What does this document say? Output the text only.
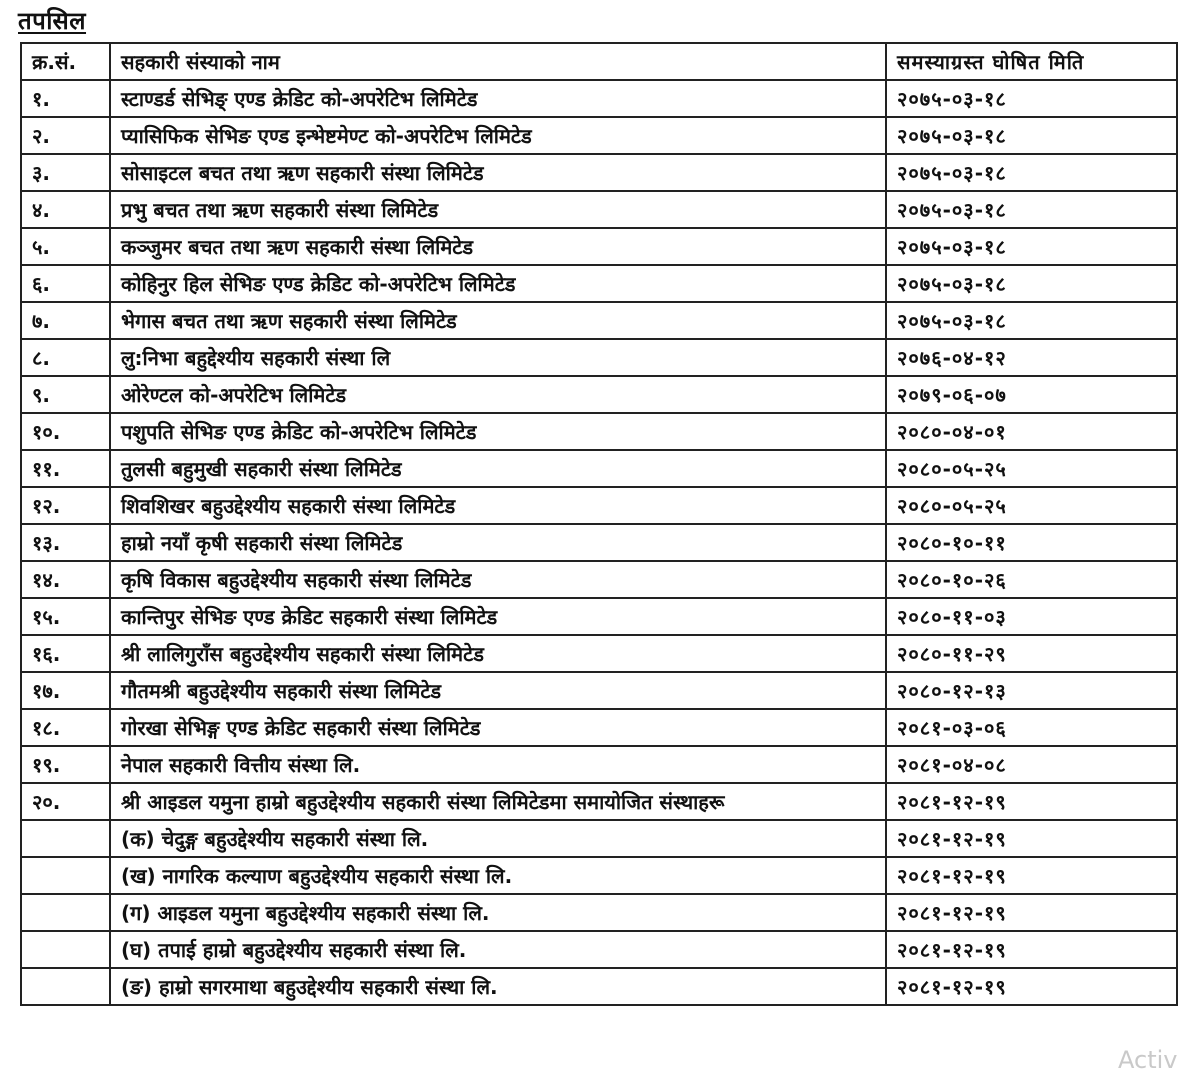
तपसिल
क्र.सं.	सहकारी संस्याको नाम	समस्याग्रस्त घोषित मिति
१.	स्टाण्डर्ड सेभिङ् एण्ड क्रेडिट को-अपरेटिभ लिमिटेड	२०७५-०३-१८
२.	प्यासिफिक सेभिङ एण्ड इन्भेष्टमेण्ट को-अपरेटिभ लिमिटेड	२०७५-०३-१८
३.	सोसाइटल बचत तथा ऋण सहकारी संस्था लिमिटेड	२०७५-०३-१८
४.	प्रभु बचत तथा ऋण सहकारी संस्था लिमिटेड	२०७५-०३-१८
५.	कञ्जुमर बचत तथा ऋण सहकारी संस्था लिमिटेड	२०७५-०३-१८
६.	कोहिनुर हिल सेभिङ एण्ड क्रेडिट को-अपरेटिभ लिमिटेड	२०७५-०३-१८
७.	भेगास बचत तथा ऋण सहकारी संस्था लिमिटेड	२०७५-०३-१८
८.	लु:निभा बहुद्देश्यीय सहकारी संस्था लि	२०७६-०४-१२
९.	ओरेण्टल को-अपरेटिभ लिमिटेड	२०७९-०६-०७
१०.	पशुपति सेभिङ एण्ड क्रेडिट को-अपरेटिभ लिमिटेड	२०८०-०४-०१
११.	तुलसी बहुमुखी सहकारी संस्था लिमिटेड	२०८०-०५-२५
१२.	शिवशिखर बहुउद्देश्यीय सहकारी संस्था लिमिटेड	२०८०-०५-२५
१३.	हाम्रो नयाँ कृषी सहकारी संस्था लिमिटेड	२०८०-१०-११
१४.	कृषि विकास बहुउद्देश्यीय सहकारी संस्था लिमिटेड	२०८०-१०-२६
१५.	कान्तिपुर सेभिङ एण्ड क्रेडिट सहकारी संस्था लिमिटेड	२०८०-११-०३
१६.	श्री लालिगुराँस बहुउद्देश्यीय सहकारी संस्था लिमिटेड	२०८०-११-२९
१७.	गौतमश्री बहुउद्देश्यीय सहकारी संस्था लिमिटेड	२०८०-१२-१३
१८.	गोरखा सेभिङ्ग एण्ड क्रेडिट सहकारी संस्था लिमिटेड	२०८१-०३-०६
१९.	नेपाल सहकारी वित्तीय संस्था लि.	२०८१-०४-०८
२०.	श्री आइडल यमुना हाम्रो बहुउद्देश्यीय सहकारी संस्था लिमिटेडमा समायोजित संस्थाहरू	२०८१-१२-१९
	(क) चेदुङ्ग बहुउद्देश्यीय सहकारी संस्था लि.	२०८१-१२-१९
	(ख) नागरिक कल्याण बहुउद्देश्यीय सहकारी संस्था लि.	२०८१-१२-१९
	(ग) आइडल यमुना बहुउद्देश्यीय सहकारी संस्था लि.	२०८१-१२-१९
	(घ) तपाई हाम्रो बहुउद्देश्यीय सहकारी संस्था लि.	२०८१-१२-१९
	(ङ) हाम्रो सगरमाथा बहुउद्देश्यीय सहकारी संस्था लि.	२०८१-१२-१९
Activ
